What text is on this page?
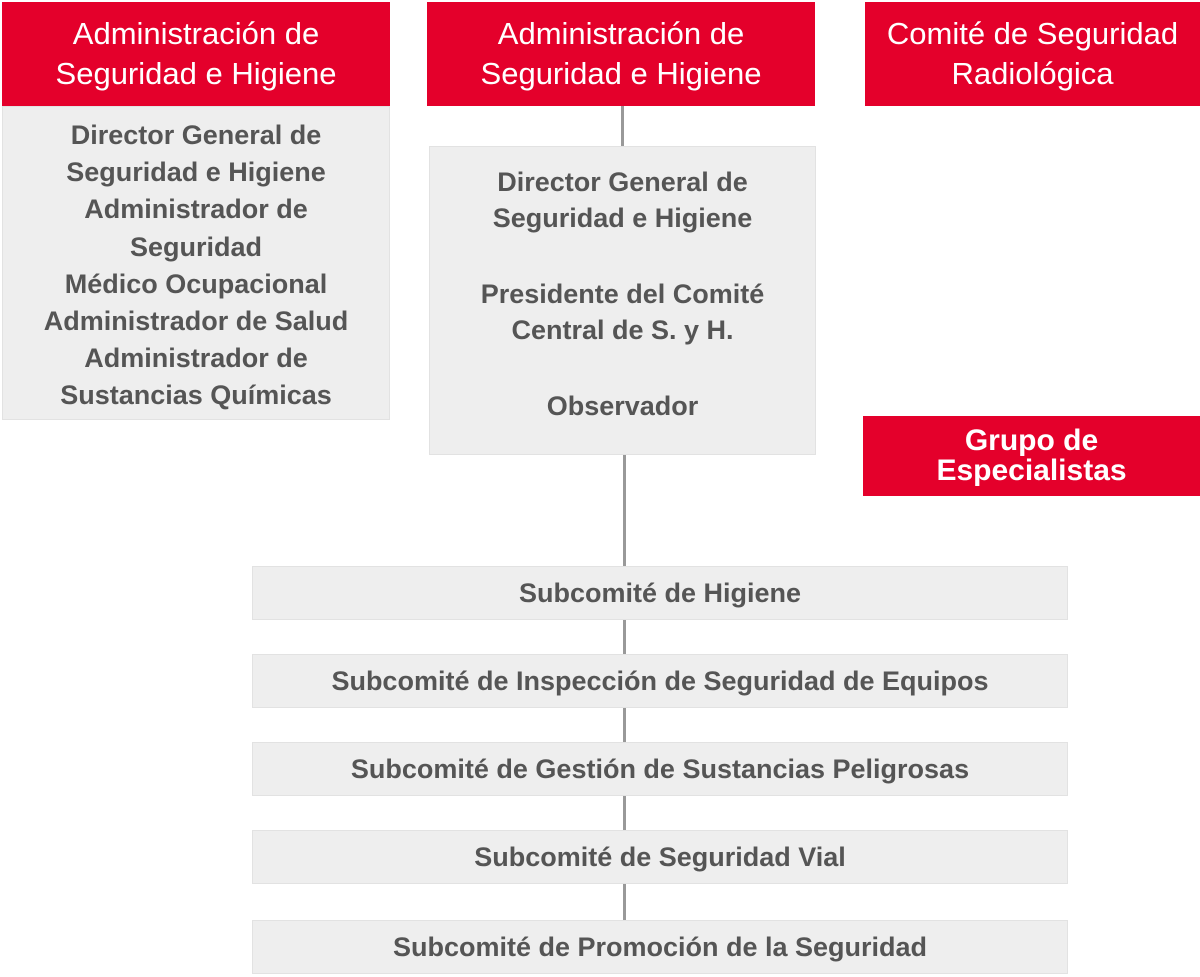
Administración de
Seguridad e Higiene
Administración de
Seguridad e Higiene
Comité de Seguridad
Radiológica
Grupo de
Especialistas
Director General de
Seguridad e Higiene
Administrador de
Seguridad
Médico Ocupacional
Administrador de Salud
Administrador de
Sustancias Químicas
Director General de
Seguridad e Higiene
Presidente del Comité
Central de S. y H.
Observador
Subcomité de Higiene
Subcomité de Inspección de Seguridad de Equipos
Subcomité de Gestión de Sustancias Peligrosas
Subcomité de Seguridad Vial
Subcomité de Promoción de la Seguridad
